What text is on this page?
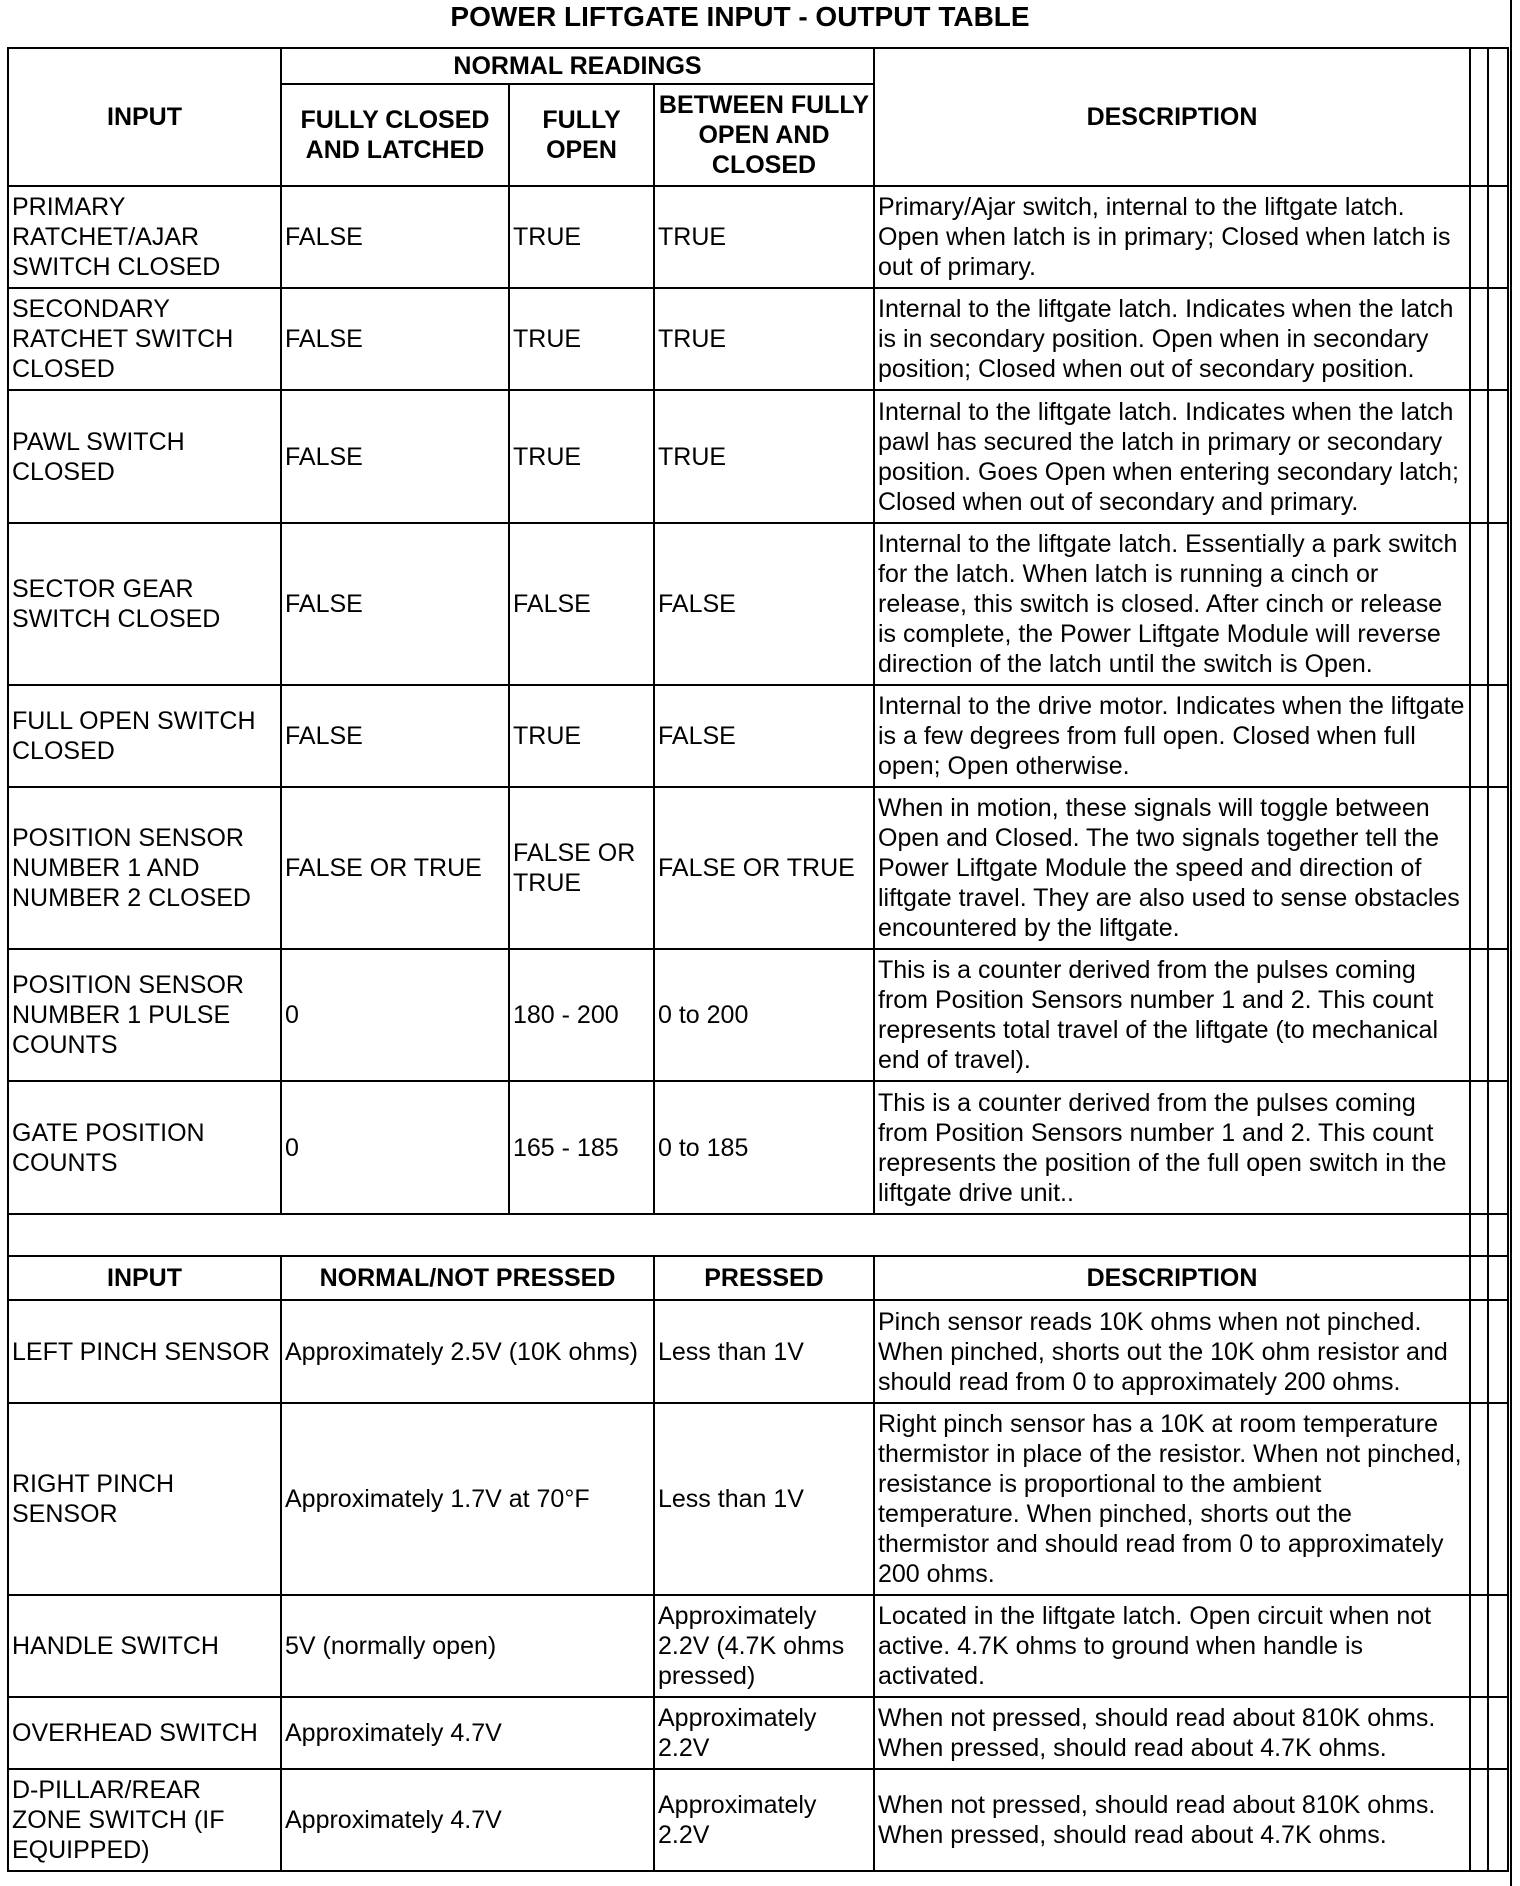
POWER LIFTGATE INPUT - OUTPUT TABLE
INPUT	NORMAL READINGS			DESCRIPTION		
	FULLY CLOSED AND LATCHED	FULLY OPEN	BETWEEN FULLY OPEN AND CLOSED			
PRIMARY RATCHET/AJAR SWITCH CLOSED	FALSE	TRUE	TRUE	Primary/Ajar switch, internal to the liftgate latch. Open when latch is in primary; Closed when latch is out of primary.		
SECONDARY RATCHET SWITCH CLOSED	FALSE	TRUE	TRUE	Internal to the liftgate latch. Indicates when the latch is in secondary position. Open when in secondary position; Closed when out of secondary position.		
PAWL SWITCH CLOSED	FALSE	TRUE	TRUE	Internal to the liftgate latch. Indicates when the latch pawl has secured the latch in primary or secondary position. Goes Open when entering secondary latch; Closed when out of secondary and primary.		
SECTOR GEAR SWITCH CLOSED	FALSE	FALSE	FALSE	Internal to the liftgate latch. Essentially a park switch for the latch. When latch is running a cinch or release, this switch is closed. After cinch or release is complete, the Power Liftgate Module will reverse direction of the latch until the switch is Open.		
FULL OPEN SWITCH CLOSED	FALSE	TRUE	FALSE	Internal to the drive motor. Indicates when the liftgate is a few degrees from full open. Closed when full open; Open otherwise.		
POSITION SENSOR NUMBER 1 AND NUMBER 2 CLOSED	FALSE OR TRUE	FALSE OR TRUE	FALSE OR TRUE	When in motion, these signals will toggle between Open and Closed. The two signals together tell the Power Liftgate Module the speed and direction of liftgate travel. They are also used to sense obstacles encountered by the liftgate.		
POSITION SENSOR NUMBER 1 PULSE COUNTS	0	180 - 200	0 to 200	This is a counter derived from the pulses coming from Position Sensors number 1 and 2. This count represents total travel of the liftgate (to mechanical end of travel).		
GATE POSITION COUNTS	0	165 - 185	0 to 185	This is a counter derived from the pulses coming from Position Sensors number 1 and 2. This count represents the position of the full open switch in the liftgate drive unit..		

INPUT	NORMAL/NOT PRESSED		PRESSED	DESCRIPTION		
LEFT PINCH SENSOR	Approximately 2.5V (10K ohms)		Less than 1V	Pinch sensor reads 10K ohms when not pinched. When pinched, shorts out the 10K ohm resistor and should read from 0 to approximately 200 ohms.		
RIGHT PINCH SENSOR	Approximately 1.7V at 70°F		Less than 1V	Right pinch sensor has a 10K at room temperature thermistor in place of the resistor. When not pinched, resistance is proportional to the ambient temperature. When pinched, shorts out the thermistor and should read from 0 to approximately 200 ohms.		
HANDLE SWITCH	5V (normally open)		Approximately 2.2V (4.7K ohms pressed)	Located in the liftgate latch. Open circuit when not active. 4.7K ohms to ground when handle is activated.		
OVERHEAD SWITCH	Approximately 4.7V		Approximately 2.2V	When not pressed, should read about 810K ohms. When pressed, should read about 4.7K ohms.		
D-PILLAR/REAR ZONE SWITCH (IF EQUIPPED)	Approximately 4.7V		Approximately 2.2V	When not pressed, should read about 810K ohms. When pressed, should read about 4.7K ohms.		
